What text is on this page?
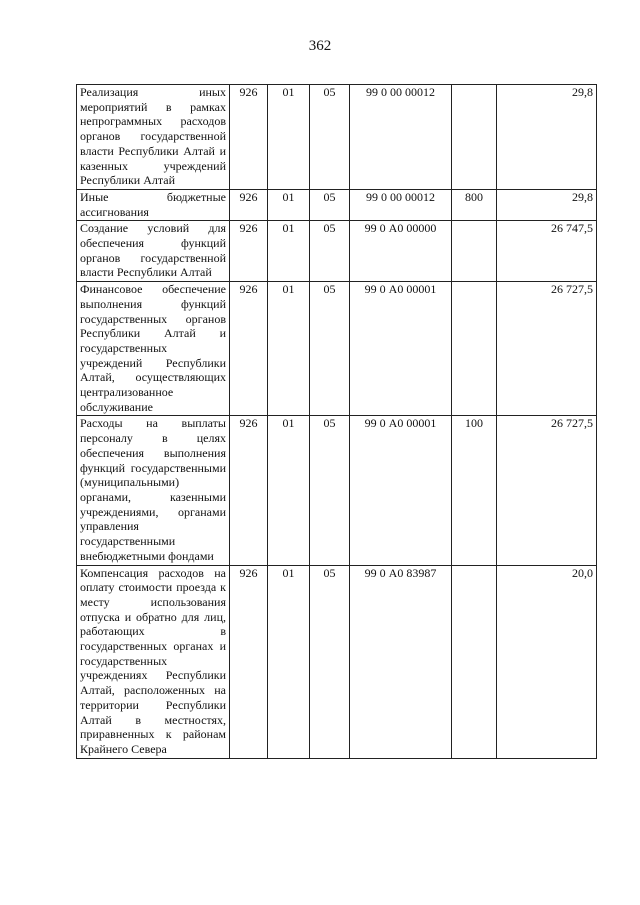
362
Реализация иных мероприятий в рамках непрограммных расходов органов государственной власти Республики Алтай и казенных учреждений Республики Алтай	926	01	05	99 0 00 00012		29,8
Иные бюджетные ассигнования	926	01	05	99 0 00 00012	800	29,8
Создание условий для обеспечения функций органов государственной власти Республики Алтай	926	01	05	99 0 А0 00000		26 747,5
Финансовое обеспечение выполнения функций государственных органов Республики Алтай и государственных учреждений Республики Алтай, осуществляющих централизованное обслуживание	926	01	05	99 0 А0 00001		26 727,5
Расходы на выплаты персоналу в целях обеспечения выполнения функций государственными (муниципальными) органами, казенными учреждениями, органами управления государственными внебюджетными фондами	926	01	05	99 0 А0 00001	100	26 727,5
Компенсация расходов на оплату стоимости проезда к месту использования отпуска и обратно для лиц, работающих в государственных органах и государственных учреждениях Республики Алтай, расположенных на территории Республики Алтай в местностях, приравненных к районам Крайнего Севера	926	01	05	99 0 А0 83987		20,0
